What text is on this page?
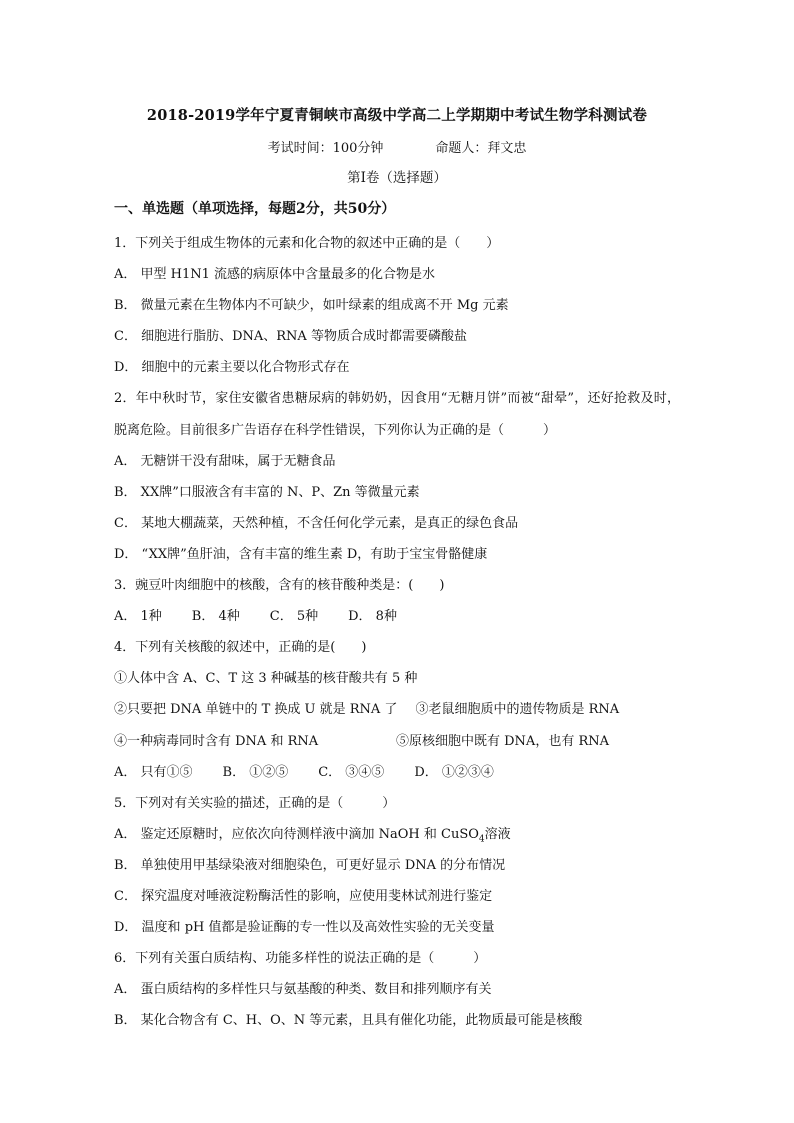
2018-2019学年宁夏青铜峡市高级中学高二上学期期中考试生物学科测试卷
考试时间：100分钟	命题人：拜文忠
第Ⅰ卷（选择题）
一、单选题（单项选择，每题2分，共50分）
1．下列关于组成生物体的元素和化合物的叙述中正确的是（　　）
A． 甲型 H1N1 流感的病原体中含量最多的化合物是水
B． 微量元素在生物体内不可缺少，如叶绿素的组成离不开 Mg 元素
C． 细胞进行脂肪、DNA、RNA 等物质合成时都需要磷酸盐
D． 细胞中的元素主要以化合物形式存在
2．年中秋时节，家住安徽省患糖尿病的韩奶奶，因食用“无糖月饼”而被“甜晕”，还好抢救及时，脱离危险。目前很多广告语存在科学性错误，下列你认为正确的是（　　　）
A． 无糖饼干没有甜味，属于无糖食品
B． XX牌”口服液含有丰富的 N、P、Zn 等微量元素
C． 某地大棚蔬菜，天然种植，不含任何化学元素，是真正的绿色食品
D． “XX牌”鱼肝油，含有丰富的维生素 D，有助于宝宝骨骼健康
3．豌豆叶肉细胞中的核酸，含有的核苷酸种类是：(　　)
A． 1种 B． 4种 C． 5种 D． 8种
4．下列有关核酸的叙述中，正确的是(　　)
①人体中含 A、C、T 这 3 种碱基的核苷酸共有 5 种
②只要把 DNA 单链中的 T 换成 U 就是 RNA 了 ③老鼠细胞质中的遗传物质是 RNA
④一种病毒同时含有 DNA 和 RNA	⑤原核细胞中既有 DNA，也有 RNA
A． 只有①⑤ B． ①②⑤ C． ③④⑤ D． ①②③④
5．下列对有关实验的描述，正确的是（　　　）
A． 鉴定还原糖时，应依次向待测样液中滴加 NaOH 和 CuSO$_4$溶液
B． 单独使用甲基绿染液对细胞染色，可更好显示 DNA 的分布情况
C． 探究温度对唾液淀粉酶活性的影响，应使用斐林试剂进行鉴定
D． 温度和 pH 值都是验证酶的专一性以及高效性实验的无关变量
6．下列有关蛋白质结构、功能多样性的说法正确的是（　　　）
A． 蛋白质结构的多样性只与氨基酸的种类、数目和排列顺序有关
B． 某化合物含有 C、H、O、N 等元素，且具有催化功能，此物质最可能是核酸
